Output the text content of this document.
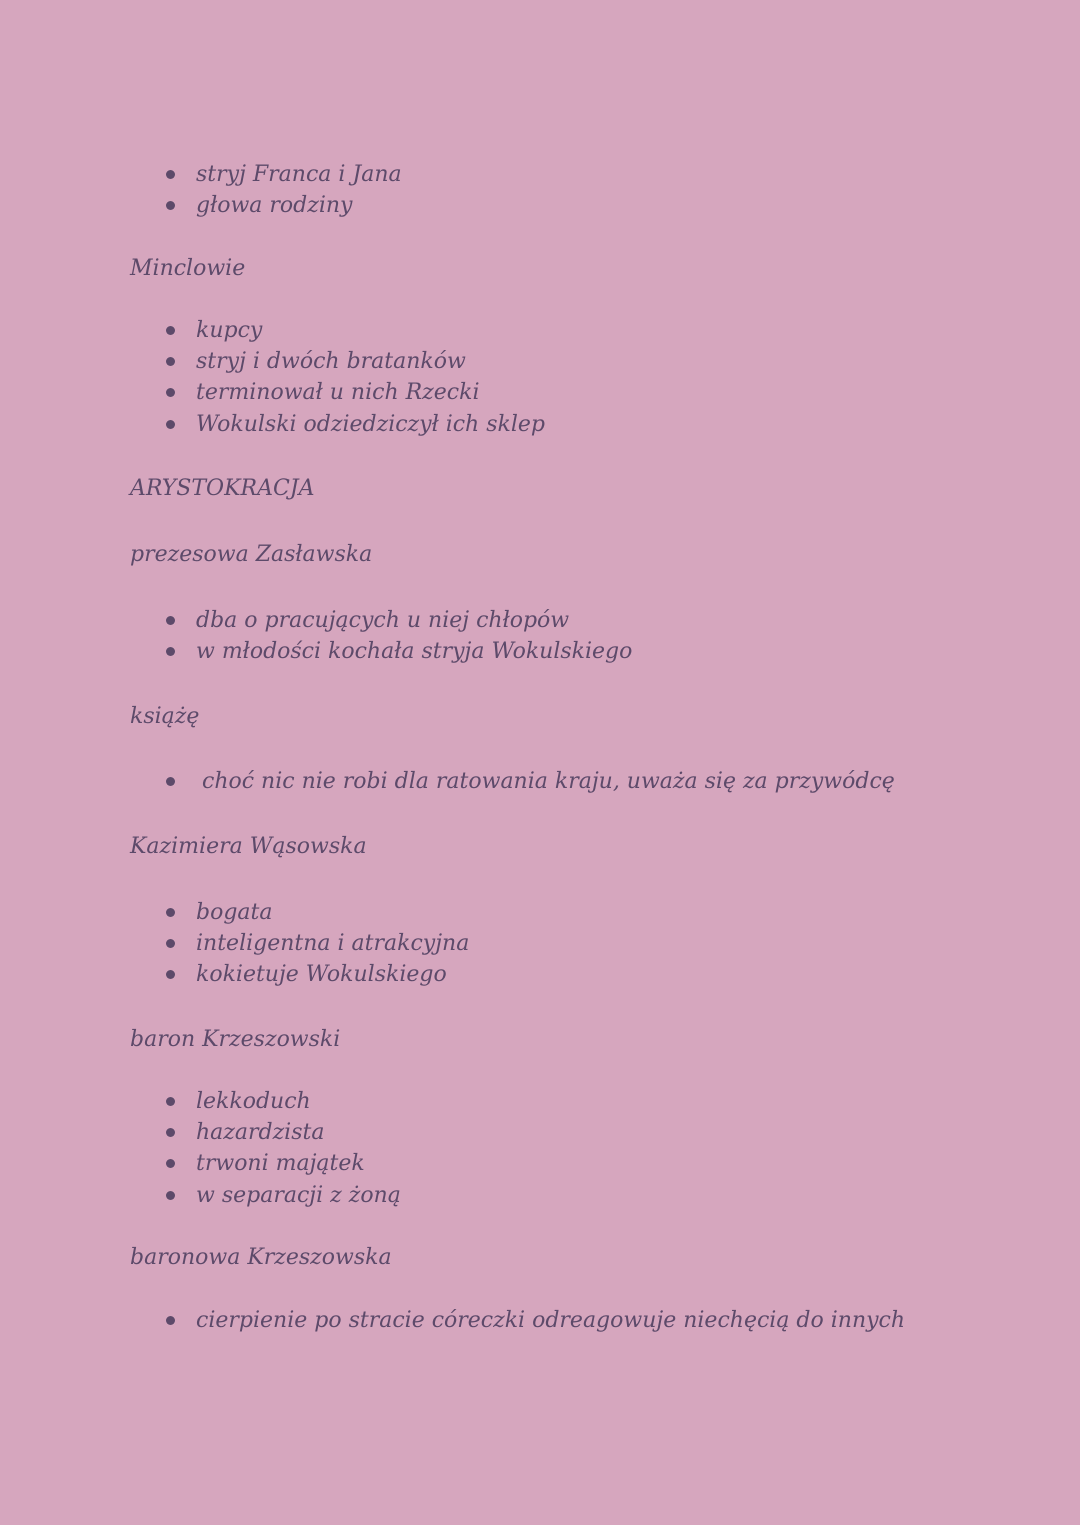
stryj Franca i Jana
głowa rodziny
Minclowie
kupcy
stryj i dwóch bratanków
terminował u nich Rzecki
Wokulski odziedziczył ich sklep
ARYSTOKRACJA
prezesowa Zasławska
dba o pracujących u niej chłopów
w młodości kochała stryja Wokulskiego
książę
choć nic nie robi dla ratowania kraju, uważa się za przywódcę
Kazimiera Wąsowska
bogata
inteligentna i atrakcyjna
kokietuje Wokulskiego
baron Krzeszowski
lekkoduch
hazardzista
trwoni majątek
w separacji z żoną
baronowa Krzeszowska
cierpienie po stracie córeczki odreagowuje niechęcią do innych
